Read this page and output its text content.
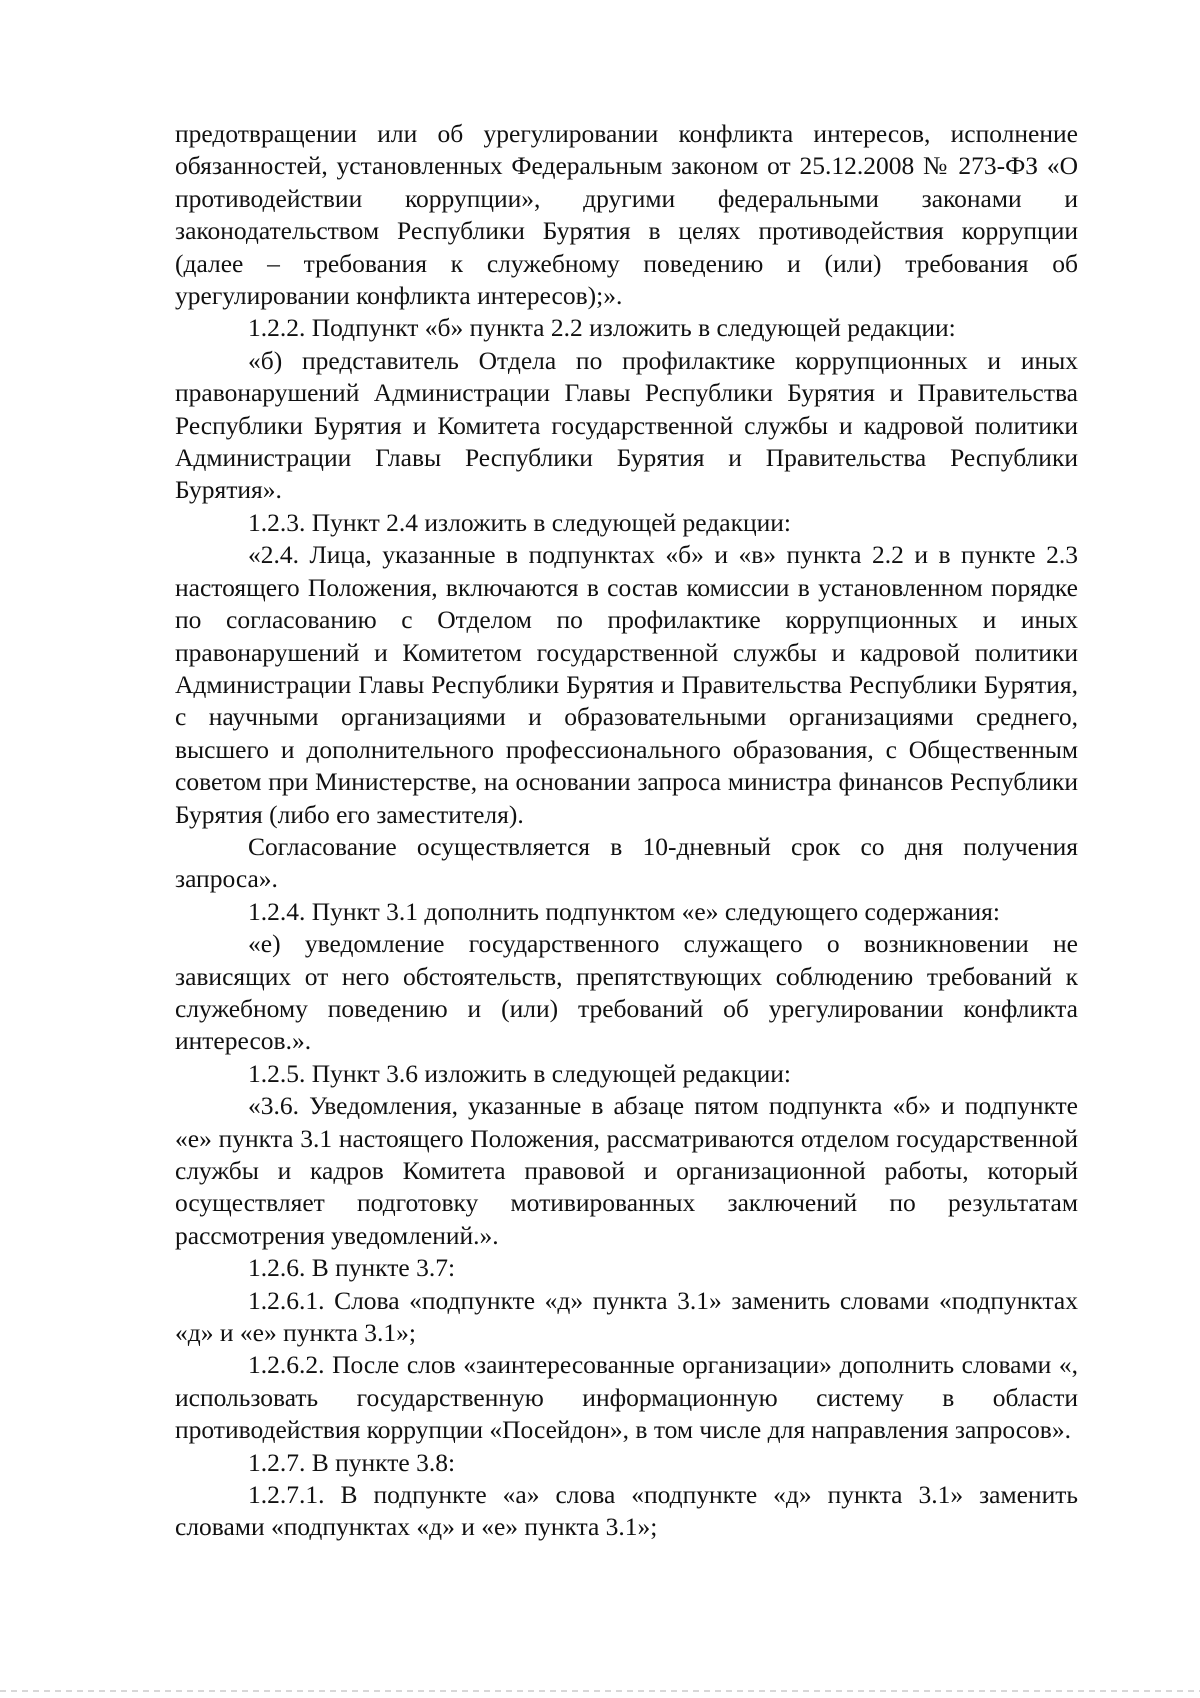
предотвращении или об урегулировании конфликта интересов, исполнение обязанностей, установленных Федеральным законом от 25.12.2008 № 273-ФЗ «О противодействии коррупции», другими федеральными законами и законодательством Республики Бурятия в целях противодействия коррупции (далее – требования к служебному поведению и (или) требования об урегулировании конфликта интересов);».

1.2.2. Подпункт «б» пункта 2.2 изложить в следующей редакции:

«б) представитель Отдела по профилактике коррупционных и иных правонарушений Администрации Главы Республики Бурятия и Правительства Республики Бурятия и Комитета государственной службы и кадровой политики Администрации Главы Республики Бурятия и Правительства Республики Бурятия».

1.2.3. Пункт 2.4 изложить в следующей редакции:

«2.4. Лица, указанные в подпунктах «б» и «в» пункта 2.2 и в пункте 2.3 настоящего Положения, включаются в состав комиссии в установленном порядке по согласованию с Отделом по профилактике коррупционных и иных правонарушений и Комитетом государственной службы и кадровой политики Администрации Главы Республики Бурятия и Правительства Республики Бурятия, с научными организациями и образовательными организациями среднего, высшего и дополнительного профессионального образования, с Общественным советом при Министерстве, на основании запроса министра финансов Республики Бурятия (либо его заместителя).

Согласование осуществляется в 10-дневный срок со дня получения запроса».

1.2.4. Пункт 3.1 дополнить подпунктом «е» следующего содержания:

«е) уведомление государственного служащего о возникновении не зависящих от него обстоятельств, препятствующих соблюдению требований к служебному поведению и (или) требований об урегулировании конфликта интересов.».

1.2.5. Пункт 3.6 изложить в следующей редакции:

«3.6. Уведомления, указанные в абзаце пятом подпункта «б» и подпункте «е» пункта 3.1 настоящего Положения, рассматриваются отделом государственной службы и кадров Комитета правовой и организационной работы, который осуществляет подготовку мотивированных заключений по результатам рассмотрения уведомлений.».

1.2.6. В пункте 3.7:

1.2.6.1. Слова «подпункте «д» пункта 3.1» заменить словами «подпунктах «д» и «е» пункта 3.1»;

1.2.6.2. После слов «заинтересованные организации» дополнить словами «, использовать государственную информационную систему в области противодействия коррупции «Посейдон», в том числе для направления запросов».

1.2.7. В пункте 3.8:

1.2.7.1. В подпункте «а» слова «подпункте «д» пункта 3.1» заменить словами «подпунктах «д» и «е» пункта 3.1»;
